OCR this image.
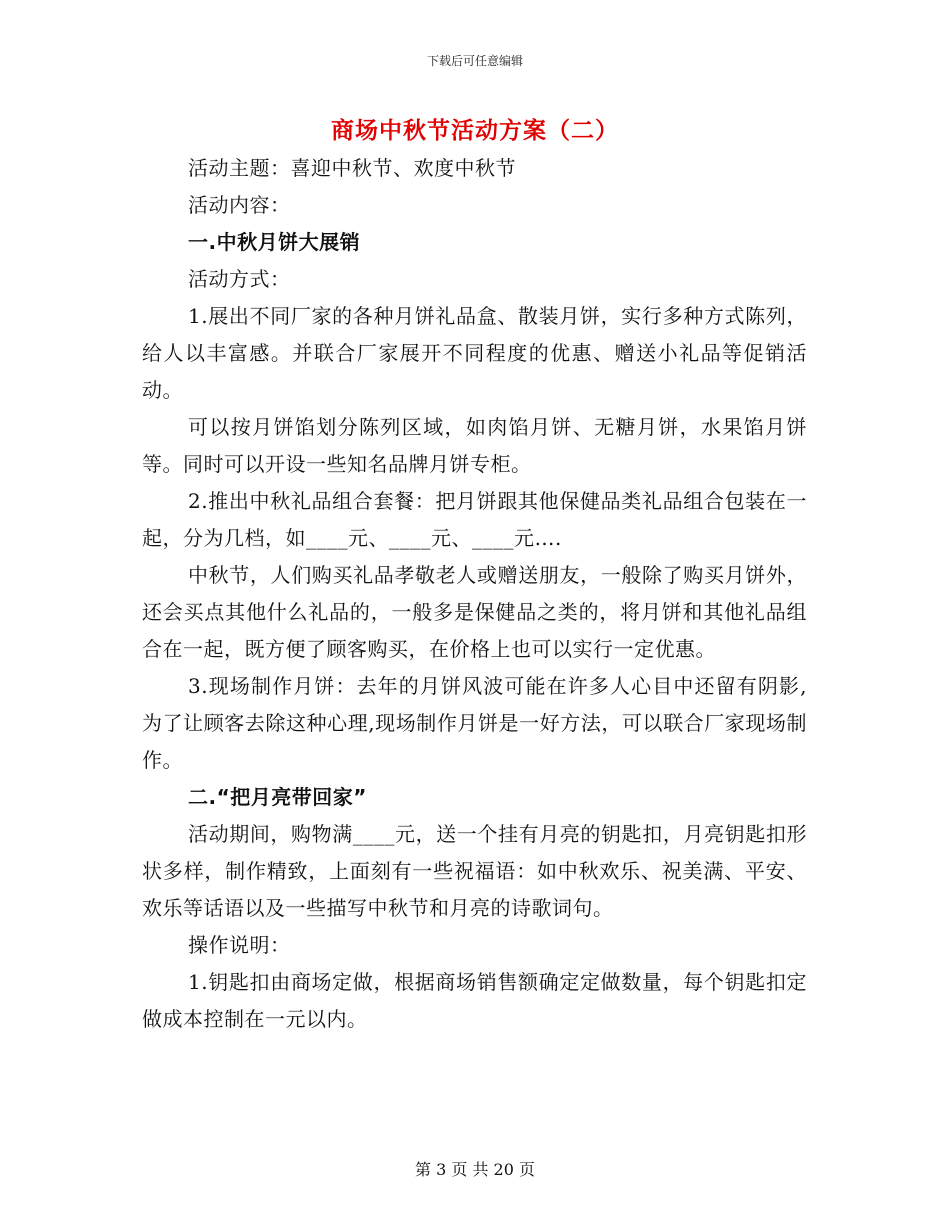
下载后可任意编辑
商场中秋节活动方案（二）

活动主题：喜迎中秋节、欢度中秋节

活动内容：

一.中秋月饼大展销

活动方式：

1.展出不同厂家的各种月饼礼品盒、散装月饼，实行多种方式陈列，给人以丰富感。并联合厂家展开不同程度的优惠、赠送小礼品等促销活动。

可以按月饼馅划分陈列区域，如肉馅月饼、无糖月饼，水果馅月饼等。同时可以开设一些知名品牌月饼专柜。

2.推出中秋礼品组合套餐：把月饼跟其他保健品类礼品组合包装在一起，分为几档，如____元、____元、____元….

中秋节，人们购买礼品孝敬老人或赠送朋友，一般除了购买月饼外，还会买点其他什么礼品的，一般多是保健品之类的，将月饼和其他礼品组合在一起，既方便了顾客购买，在价格上也可以实行一定优惠。

3.现场制作月饼：去年的月饼风波可能在许多人心目中还留有阴影,为了让顾客去除这种心理,现场制作月饼是一好方法，可以联合厂家现场制作。

二.“把月亮带回家”

活动期间，购物满____元，送一个挂有月亮的钥匙扣，月亮钥匙扣形状多样，制作精致，上面刻有一些祝福语：如中秋欢乐、祝美满、平安、欢乐等话语以及一些描写中秋节和月亮的诗歌词句。

操作说明：

1.钥匙扣由商场定做，根据商场销售额确定定做数量，每个钥匙扣定做成本控制在一元以内。

第 3 页 共 20 页
